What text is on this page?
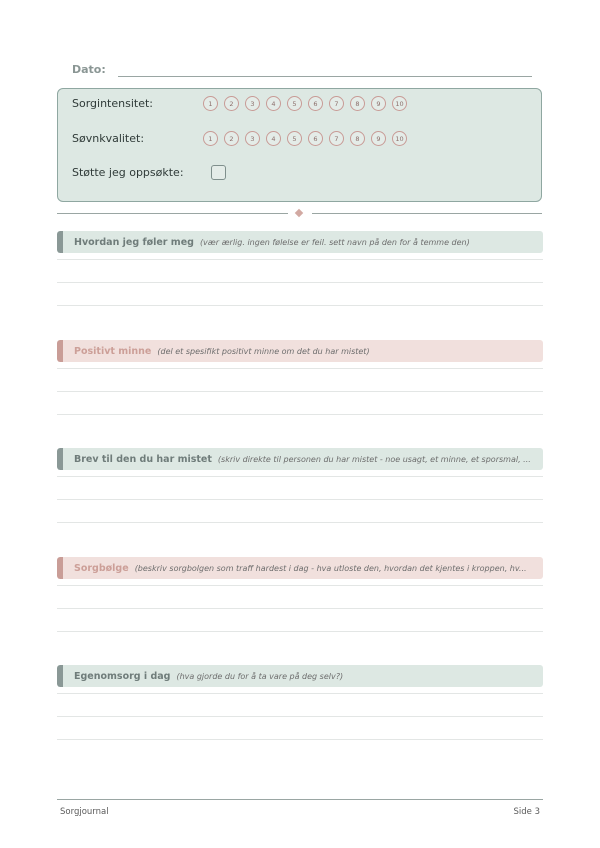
Dato:
Sorgintensitet:	1	2	3	4	5	6	7	8	9	10
Søvnkvalitet:	1	2	3	4	5	6	7	8	9	10
Støtte jeg oppsøkte:
Hvordan jeg føler meg (vær ærlig. ingen følelse er feil. sett navn på den for å temme den)
Positivt minne (del et spesifikt positivt minne om det du har mistet)
Brev til den du har mistet (skriv direkte til personen du har mistet - noe usagt, et minne, et sporsmal, ...
Sorgbølge (beskriv sorgbolgen som traff hardest i dag - hva utloste den, hvordan det kjentes i kroppen, hv...
Egenomsorg i dag (hva gjorde du for å ta vare på deg selv?)
Sorgjournal	Side 3
